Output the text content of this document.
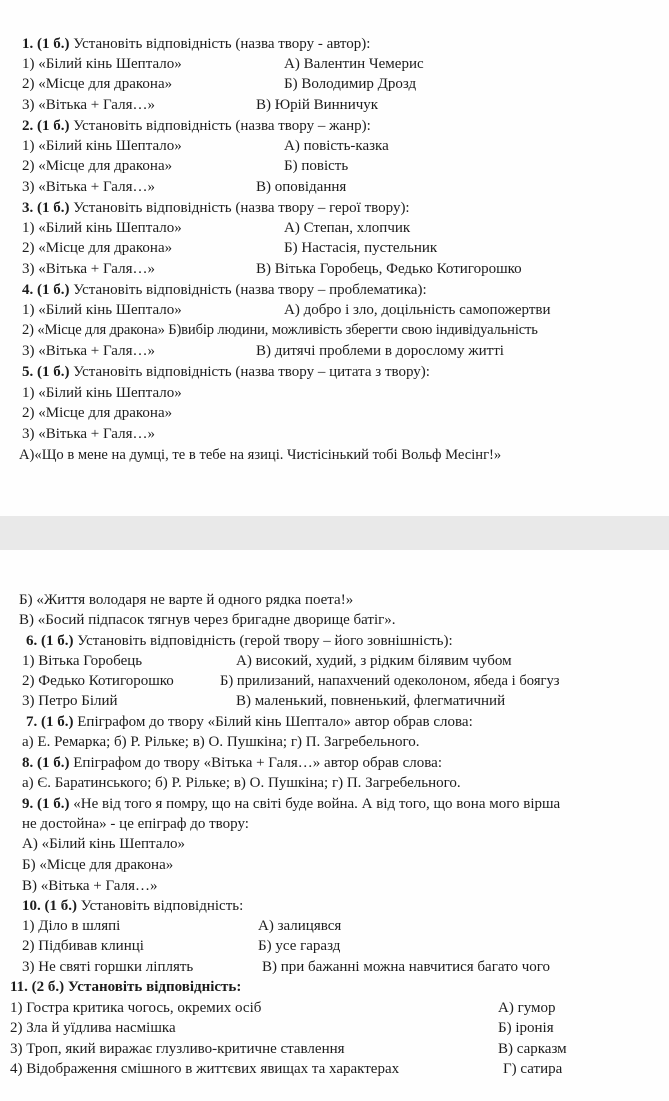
1. (1 б.) Установіть відповідність (назва твору - автор):
1) «Білий кінь Шептало»	А) Валентин Чемерис
2) «Місце для дракона»	Б) Володимир Дрозд
3) «Вітька + Галя…»	В) Юрій Винничук
2. (1 б.) Установіть відповідність (назва твору – жанр):
1) «Білий кінь Шептало»	А) повість-казка
2) «Місце для дракона»	Б) повість
3) «Вітька + Галя…»	В) оповідання
3. (1 б.) Установіть відповідність (назва твору – герої твору):
1) «Білий кінь Шептало»	А) Степан, хлопчик
2) «Місце для дракона»	Б) Настасія, пустельник
3) «Вітька + Галя…»	В) Вітька Горобець, Федько Котигорошко
4. (1 б.) Установіть відповідність (назва твору – проблематика):
1) «Білий кінь Шептало»	А) добро і зло, доцільність самопожертви
2) «Місце для дракона» Б)вибір людини, можливість зберегти свою індивідуальність
3) «Вітька + Галя…»	В) дитячі проблеми в дорослому житті
5. (1 б.) Установіть відповідність (назва твору – цитата з твору):
1) «Білий кінь Шептало»
2) «Місце для дракона»
3) «Вітька + Галя…»
А)«Що в мене на думці, те в тебе на язиці. Чистісінький тобі Вольф Месінг!»
Б) «Життя володаря не варте й одного рядка поета!»
В) «Босий підпасок тягнув через бригадне дворище батіг».
6. (1 б.) Установіть відповідність (герой твору – його зовнішність):
1) Вітька Горобець	А) високий, худий, з рідким білявим чубом
2) Федько Котигорошко	Б) прилизаний, напахчений одеколоном, ябеда і боягуз
3) Петро Білий	В) маленький, повненький, флегматичний
7. (1 б.) Епіграфом до твору «Білий кінь Шептало» автор обрав слова:
а) Е. Ремарка; б) Р. Рільке; в) О. Пушкіна; г) П. Загребельного.
8. (1 б.) Епіграфом до твору «Вітька + Галя…» автор обрав слова:
а) Є. Баратинського; б) Р. Рільке; в) О. Пушкіна; г) П. Загребельного.
9. (1 б.) «Не від того я помру, що на світі буде война. А від того, що вона мого вірша
не достойна» - це епіграф до твору:
А) «Білий кінь Шептало»
Б) «Місце для дракона»
В) «Вітька + Галя…»
10. (1 б.) Установіть відповідність:
1) Діло в шляпі	А) залицявся
2) Підбивав клинці	Б) усе гаразд
3) Не святі горшки ліплять	В) при бажанні можна навчитися багато чого
11. (2 б.) Установіть відповідність:
1) Гостра критика чогось, окремих осіб	А) гумор
2) Зла й уїдлива насмішка	Б) іронія
3) Троп, який виражає глузливо-критичне ставлення	В) сарказм
4) Відображення смішного в життєвих явищах та характерах	Г) сатира
